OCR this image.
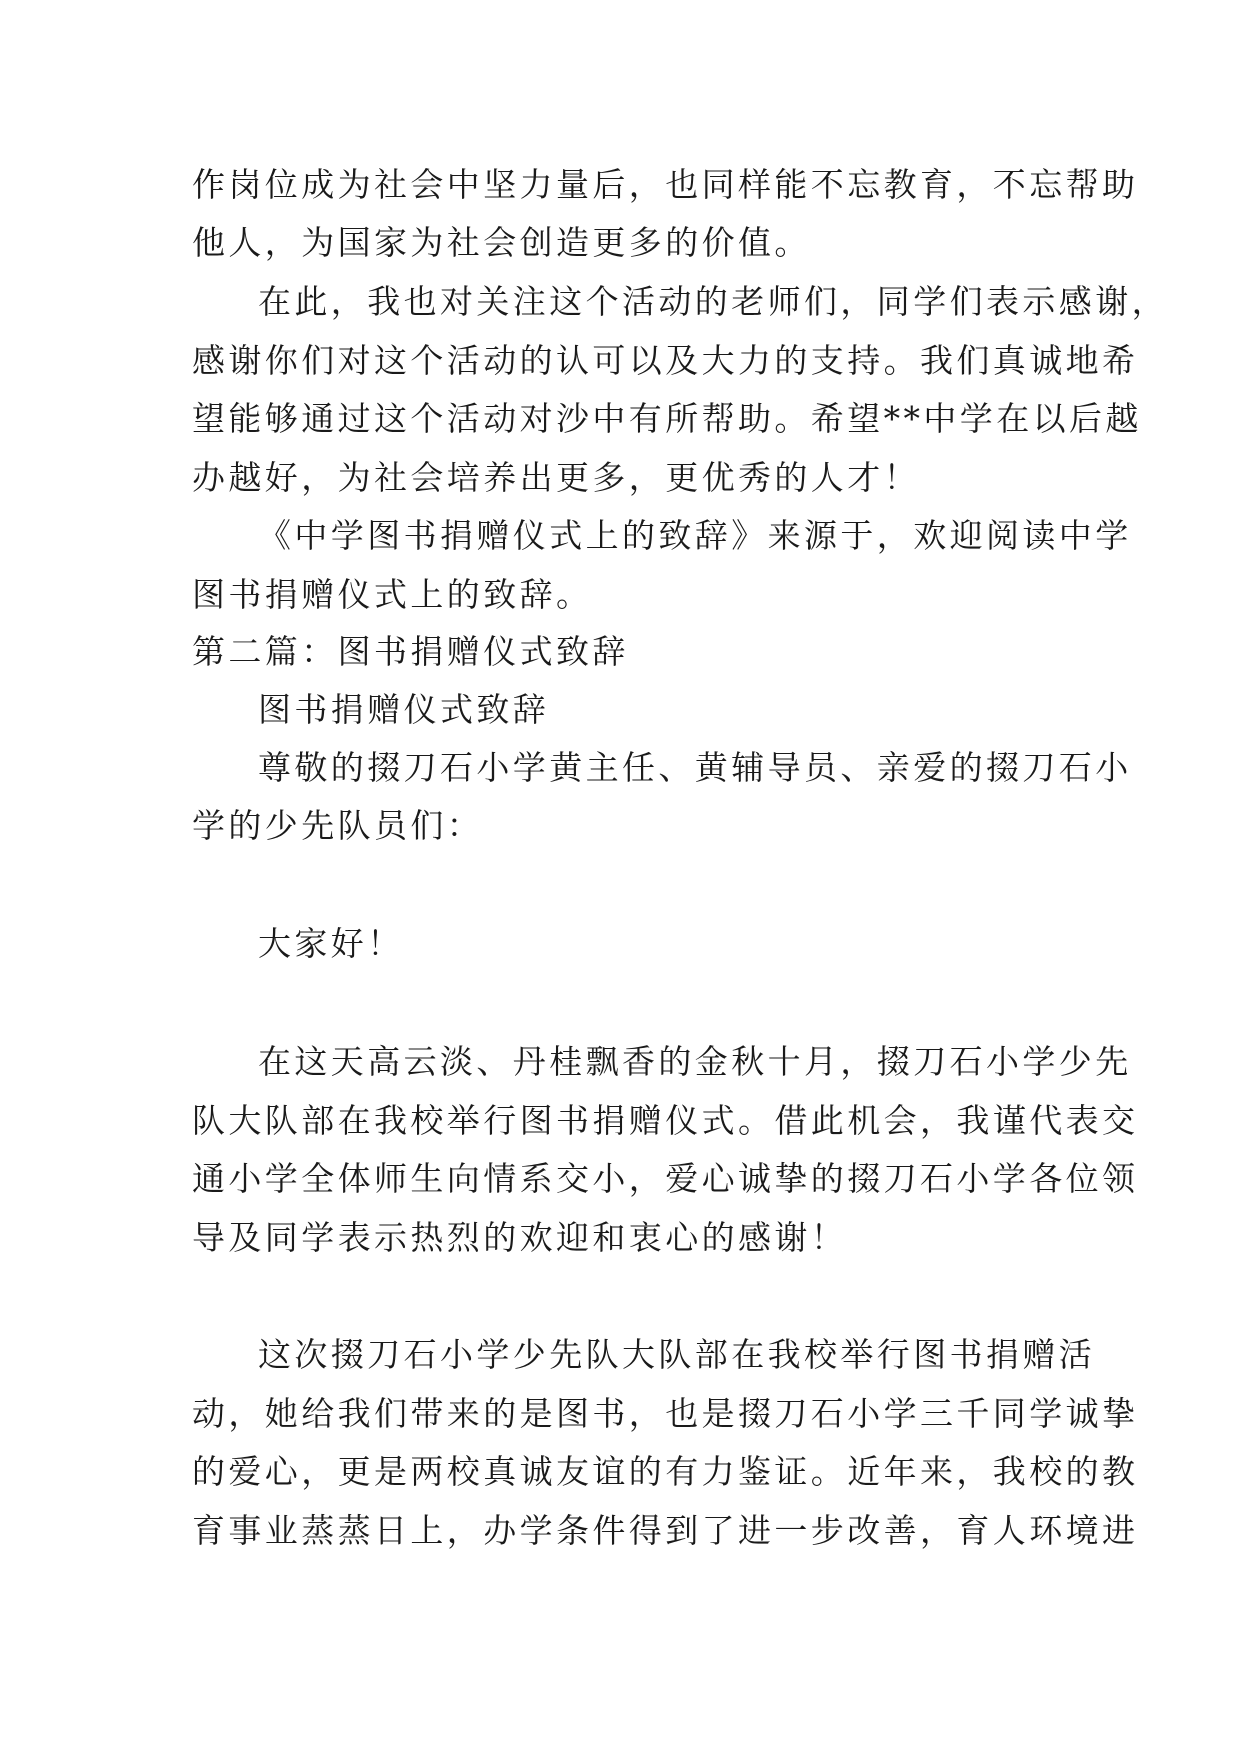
作岗位成为社会中坚力量后，也同样能不忘教育，不忘帮助
他人，为国家为社会创造更多的价值。
在此，我也对关注这个活动的老师们，同学们表示感谢，
感谢你们对这个活动的认可以及大力的支持。我们真诚地希
望能够通过这个活动对沙中有所帮助。希望**中学在以后越
办越好，为社会培养出更多，更优秀的人才！
《中学图书捐赠仪式上的致辞》来源于，欢迎阅读中学
图书捐赠仪式上的致辞。
第二篇：图书捐赠仪式致辞
图书捐赠仪式致辞
尊敬的掇刀石小学黄主任、黄辅导员、亲爱的掇刀石小
学的少先队员们：
大家好！
在这天高云淡、丹桂飘香的金秋十月，掇刀石小学少先
队大队部在我校举行图书捐赠仪式。借此机会，我谨代表交
通小学全体师生向情系交小，爱心诚挚的掇刀石小学各位领
导及同学表示热烈的欢迎和衷心的感谢！
这次掇刀石小学少先队大队部在我校举行图书捐赠活
动，她给我们带来的是图书，也是掇刀石小学三千同学诚挚
的爱心，更是两校真诚友谊的有力鉴证。近年来，我校的教
育事业蒸蒸日上，办学条件得到了进一步改善，育人环境进
